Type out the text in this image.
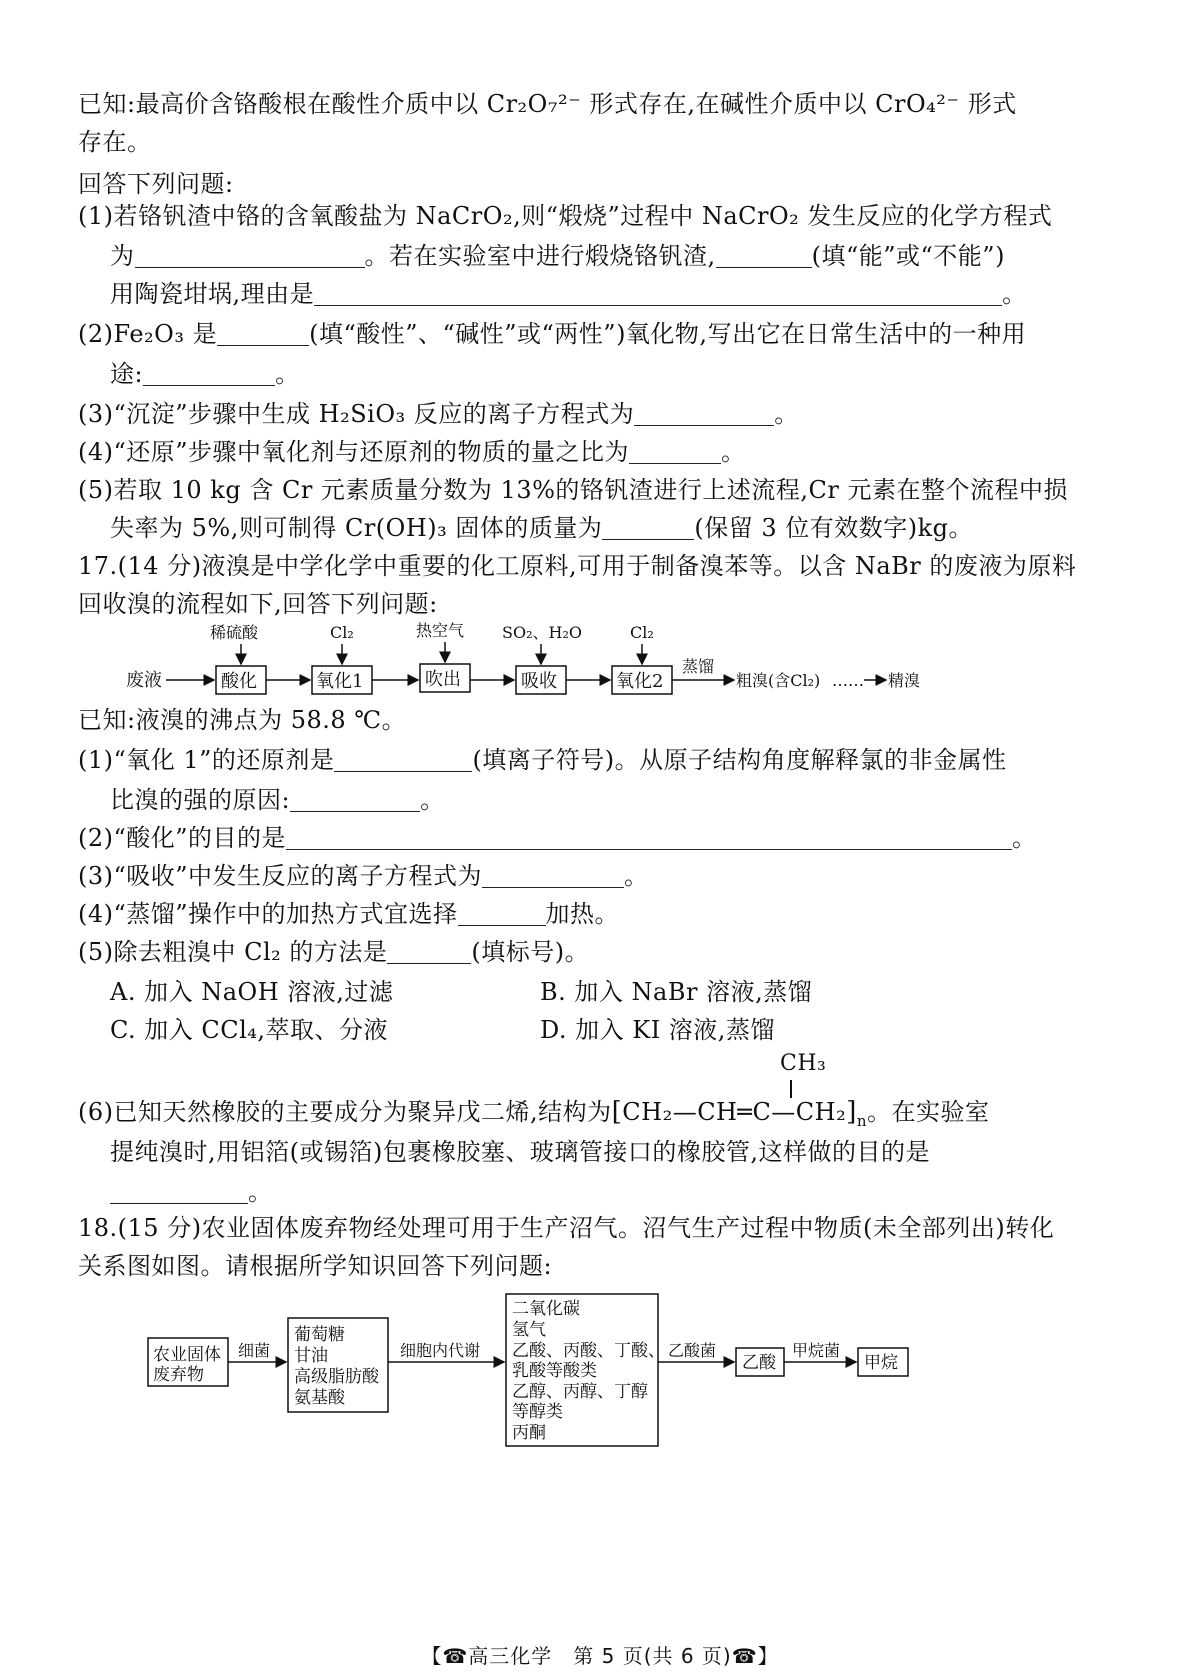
已知:最高价含铬酸根在酸性介质中以 Cr₂O₇²⁻ 形式存在,在碱性介质中以 CrO₄²⁻ 形式
存在。
回答下列问题:
(1)若铬钒渣中铬的含氧酸盐为 NaCrO₂,则“煅烧”过程中 NaCrO₂ 发生反应的化学方程式
为	。若在实验室中进行煅烧铬钒渣,	(填“能”或“不能”)
用陶瓷坩埚,理由是	。
(2)Fe₂O₃ 是	(填“酸性”、“碱性”或“两性”)氧化物,写出它在日常生活中的一种用
途:	。
(3)“沉淀”步骤中生成 H₂SiO₃ 反应的离子方程式为	。
(4)“还原”步骤中氧化剂与还原剂的物质的量之比为	。
(5)若取 10 kg 含 Cr 元素质量分数为 13%的铬钒渣进行上述流程,Cr 元素在整个流程中损
失率为 5%,则可制得 Cr(OH)₃ 固体的质量为	(保留 3 位有效数字)kg。
17.(14 分)液溴是中学化学中重要的化工原料,可用于制备溴苯等。以含 NaBr 的废液为原料
回收溴的流程如下,回答下列问题:
废液	酸化	氧化1	吹出	吸收	氧化2
蒸馏
粗溴(含Cl₂) …… 精溴
稀硫酸	Cl₂	热空气 SO₂、H₂O	Cl₂
已知:液溴的沸点为 58.8 ℃。
(1)“氧化 1”的还原剂是	(填离子符号)。从原子结构角度解释氯的非金属性
比溴的强的原因:	。
(2)“酸化”的目的是	。
(3)“吸收”中发生反应的离子方程式为	。
(4)“蒸馏”操作中的加热方式宜选择	加热。
(5)除去粗溴中 Cl₂ 的方法是	(填标号)。
A. 加入 NaOH 溶液,过滤	B. 加入 NaBr 溶液,蒸馏
C. 加入 CCl₄,萃取、分液	D. 加入 KI 溶液,蒸馏
CH₃
(6)已知天然橡胶的主要成分为聚异戊二烯,结构为$[CH_2—CH═C—CH_2]_n$。在实验室
提纯溴时,用铝箔(或锡箔)包裹橡胶塞、玻璃管接口的橡胶管,这样做的目的是
。
18.(15 分)农业固体废弃物经处理可用于生产沼气。沼气生产过程中物质(未全部列出)转化
关系图如图。请根据所学知识回答下列问题:
农业固体
废弃物
细菌
葡萄糖
甘油
高级脂肪酸
氨基酸
细胞内代谢
二氧化碳
氢气
乙酸、丙酸、丁酸、
乳酸等酸类
乙醇、丙醇、丁醇
等醇类
丙酮
乙酸菌
乙酸
甲烷菌
甲烷
【☎高三化学　第 5 页(共 6 页)☎】
